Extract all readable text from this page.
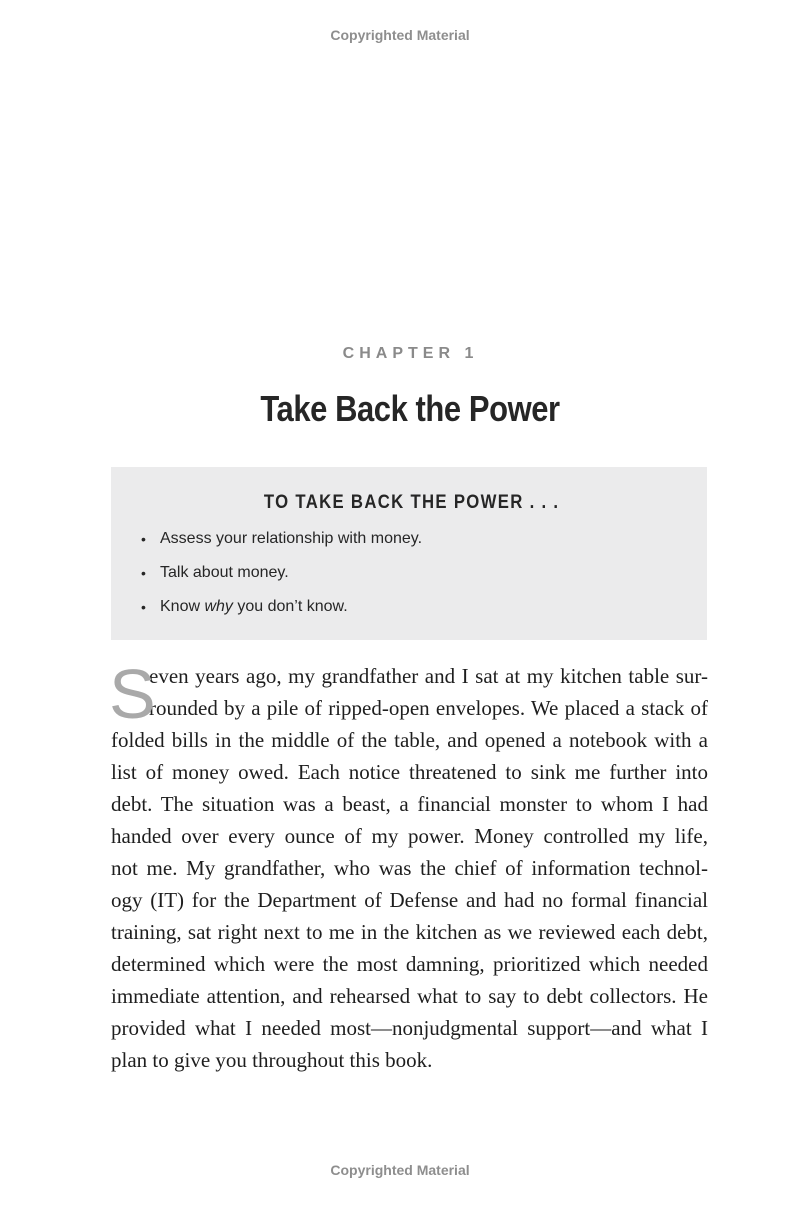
Copyrighted Material
CHAPTER 1
Take Back the Power
TO TAKE BACK THE POWER . . .
• Assess your relationship with money.
• Talk about money.
• Know why you don’t know.
S
even years ago, my grandfather and I sat at my kitchen table sur-
rounded by a pile of ripped-open envelopes. We placed a stack of
folded bills in the middle of the table, and opened a notebook with a
list of money owed. Each notice threatened to sink me further into
debt. The situation was a beast, a financial monster to whom I had
handed over every ounce of my power. Money controlled my life,
not me. My grandfather, who was the chief of information technol-
ogy (IT) for the Department of Defense and had no formal financial
training, sat right next to me in the kitchen as we reviewed each debt,
determined which were the most damning, prioritized which needed
immediate attention, and rehearsed what to say to debt collectors. He
provided what I needed most—nonjudgmental support—and what I
plan to give you throughout this book.
Copyrighted Material
